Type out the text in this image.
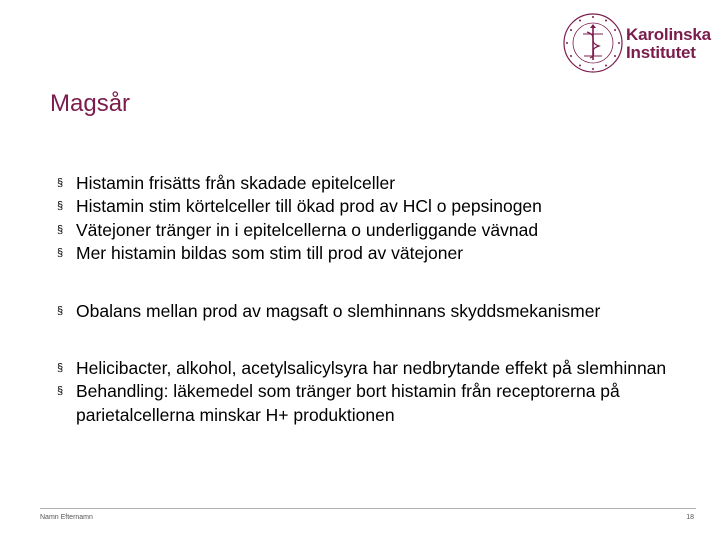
Karolinska
Institutet
Magsår
§ Histamin frisätts från skadade epitelceller
§ Histamin stim körtelceller till ökad prod av HCl o pepsinogen
§ Vätejoner tränger in i epitelcellerna o underliggande vävnad
§ Mer histamin bildas som stim till prod av vätejoner
§ Obalans mellan prod av magsaft o slemhinnans skyddsmekanismer
§ Helicibacter, alkohol, acetylsalicylsyra har nedbrytande effekt på slemhinnan
§ Behandling: läkemedel som tränger bort histamin från receptorerna på parietalcellerna minskar H+ produktionen
Namn Efternamn	18
